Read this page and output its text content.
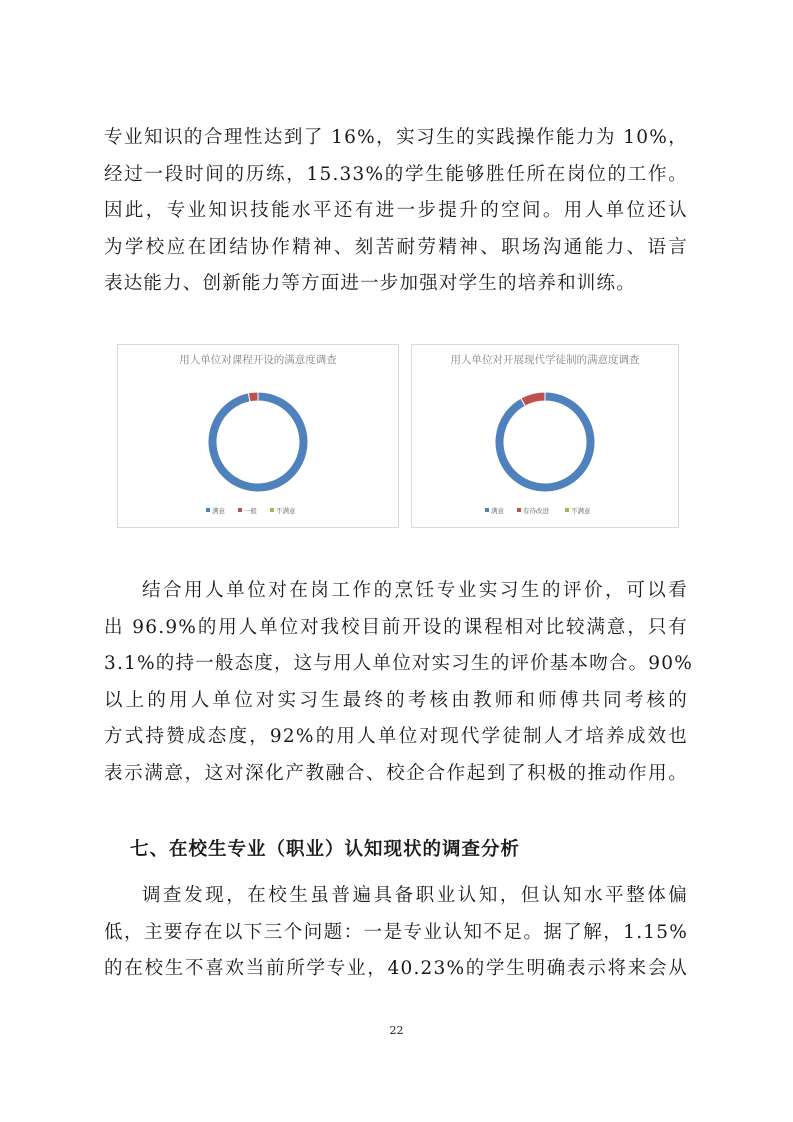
专业知识的合理性达到了 16%，实习生的实践操作能力为 10%，
经过一段时间的历练，15.33%的学生能够胜任所在岗位的工作。
因此，专业知识技能水平还有进一步提升的空间。用人单位还认
为学校应在团结协作精神、刻苦耐劳精神、职场沟通能力、语言
表达能力、创新能力等方面进一步加强对学生的培养和训练。
用人单位对课程开设的满意度调查
满意	一般	不满意
用人单位对开展现代学徒制的满意度调查
满意	有待改进	不满意
结合用人单位对在岗工作的烹饪专业实习生的评价，可以看
出 96.9%的用人单位对我校目前开设的课程相对比较满意，只有
3.1%的持一般态度，这与用人单位对实习生的评价基本吻合。90%
以上的用人单位对实习生最终的考核由教师和师傅共同考核的
方式持赞成态度，92%的用人单位对现代学徒制人才培养成效也
表示满意，这对深化产教融合、校企合作起到了积极的推动作用。
七、在校生专业（职业）认知现状的调查分析
调查发现，在校生虽普遍具备职业认知，但认知水平整体偏
低，主要存在以下三个问题：一是专业认知不足。据了解，1.15%
的在校生不喜欢当前所学专业，40.23%的学生明确表示将来会从
22
